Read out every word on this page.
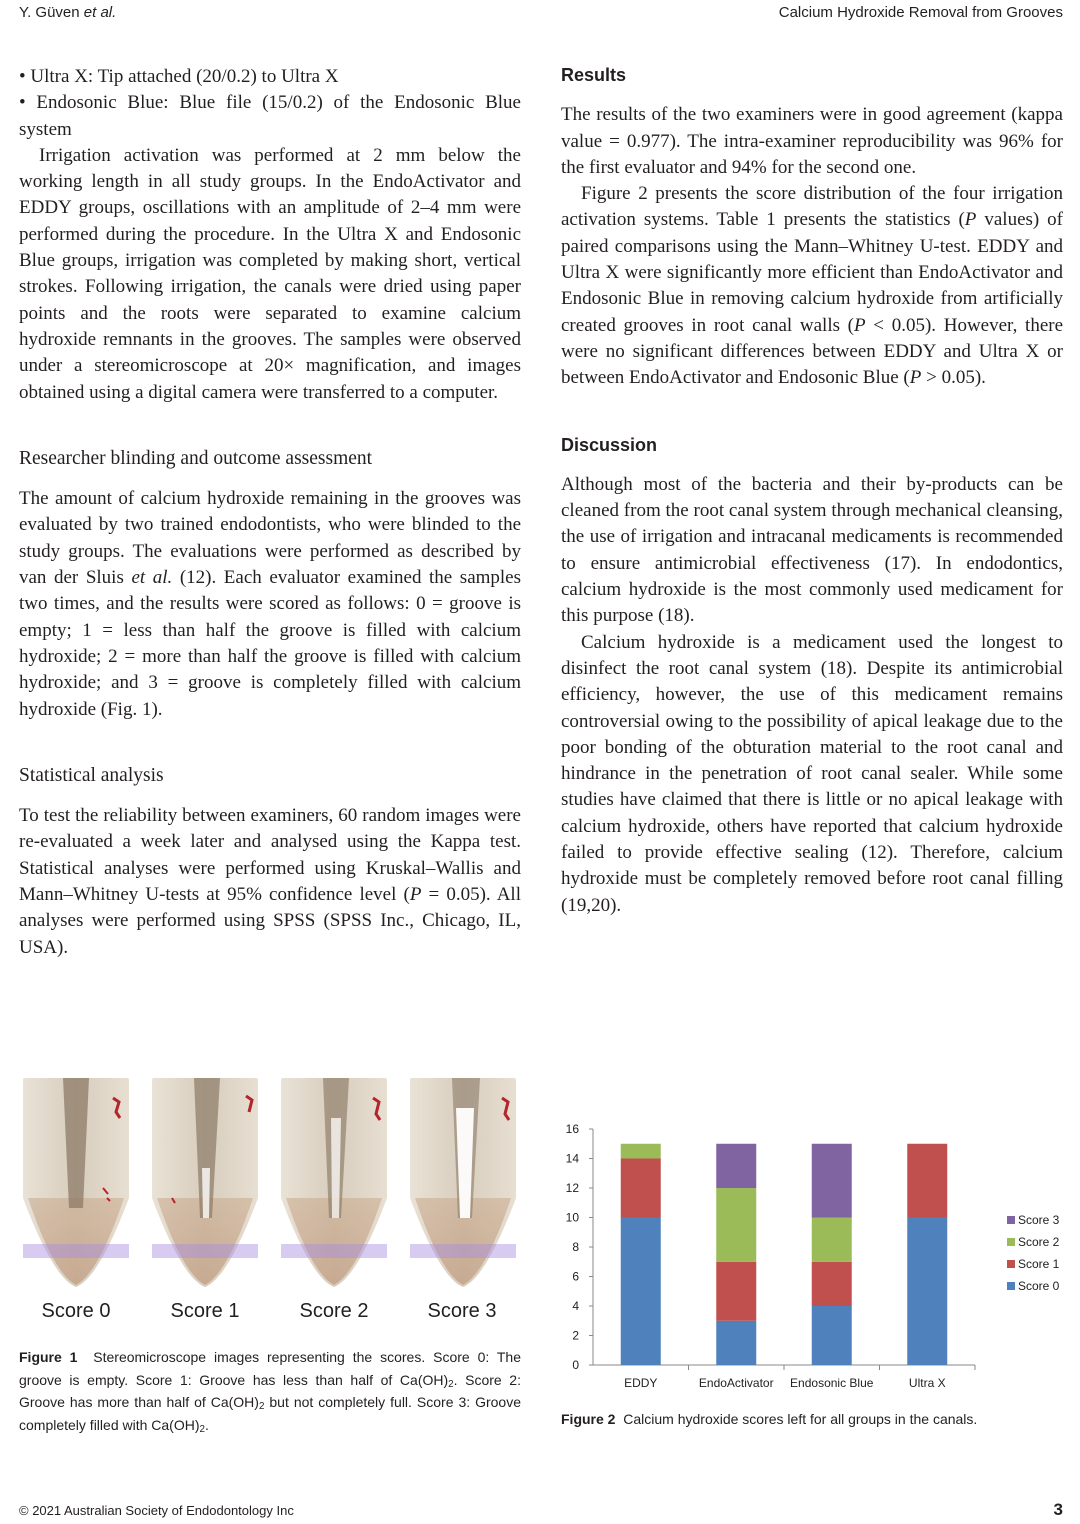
Y. Güven et al.	Calcium Hydroxide Removal from Grooves

• Ultra X: Tip attached (20/0.2) to Ultra X

• Endosonic Blue: Blue file (15/0.2) of the Endosonic Blue system

Irrigation activation was performed at 2 mm below the working length in all study groups. In the EndoActivator and EDDY groups, oscillations with an amplitude of 2–4 mm were performed during the procedure. In the Ultra X and Endosonic Blue groups, irrigation was completed by making short, vertical strokes. Following irrigation, the canals were dried using paper points and the roots were separated to examine calcium hydroxide remnants in the grooves. The samples were observed under a stereomicroscope at 20× magnification, and images obtained using a digital camera were transferred to a computer.

Researcher blinding and outcome assessment

The amount of calcium hydroxide remaining in the grooves was evaluated by two trained endodontists, who were blinded to the study groups. The evaluations were performed as described by van der Sluis et al. (12). Each evaluator examined the samples two times, and the results were scored as follows: 0 = groove is empty; 1 = less than half the groove is filled with calcium hydroxide; 2 = more than half the groove is filled with calcium hydroxide; and 3 = groove is completely filled with calcium hydroxide (Fig. 1).

Statistical analysis

To test the reliability between examiners, 60 random images were re-evaluated a week later and analysed using the Kappa test. Statistical analyses were performed using Kruskal–Wallis and Mann–Whitney U-tests at 95% confidence level (P = 0.05). All analyses were performed using SPSS (SPSS Inc., Chicago, IL, USA).

Results

The results of the two examiners were in good agreement (kappa value = 0.977). The intra-examiner reproducibility was 96% for the first evaluator and 94% for the second one.

Figure 2 presents the score distribution of the four irrigation activation systems. Table 1 presents the statistics (P values) of paired comparisons using the Mann–Whitney U-test. EDDY and Ultra X were significantly more efficient than EndoActivator and Endosonic Blue in removing calcium hydroxide from artificially created grooves in root canal walls (P < 0.05). However, there were no significant differences between EDDY and Ultra X or between EndoActivator and Endosonic Blue (P > 0.05).

Discussion

Although most of the bacteria and their by-products can be cleaned from the root canal system through mechanical cleansing, the use of irrigation and intracanal medicaments is recommended to ensure antimicrobial effectiveness (17). In endodontics, calcium hydroxide is the most commonly used medicament for this purpose (18).

Calcium hydroxide is a medicament used the longest to disinfect the root canal system (18). Despite its antimicrobial efficiency, however, the use of this medicament remains controversial owing to the possibility of apical leakage due to the poor bonding of the obturation material to the root canal and hindrance in the penetration of root canal sealer. While some studies have claimed that there is little or no apical leakage with calcium hydroxide, others have reported that calcium hydroxide failed to provide effective sealing (12). Therefore, calcium hydroxide must be completely removed before root canal filling (19,20).

Score 0	Score 1	Score 2	Score 3
Figure 1 Stereomicroscope images representing the scores. Score 0: The groove is empty. Score 1: Groove has less than half of $Ca(OH)_2$. Score 2: Groove has more than half of $Ca(OH)_2$ but not completely full. Score 3: Groove completely filled with $Ca(OH)_2$.
0
2
4
6
8
10
12
14
16
EDDY	EndoActivator Endosonic Blue	Ultra X
Score 3
Score 2
Score 1
Score 0
Figure 2 Calcium hydroxide scores left for all groups in the canals.
© 2021 Australian Society of Endodontology Inc	3
